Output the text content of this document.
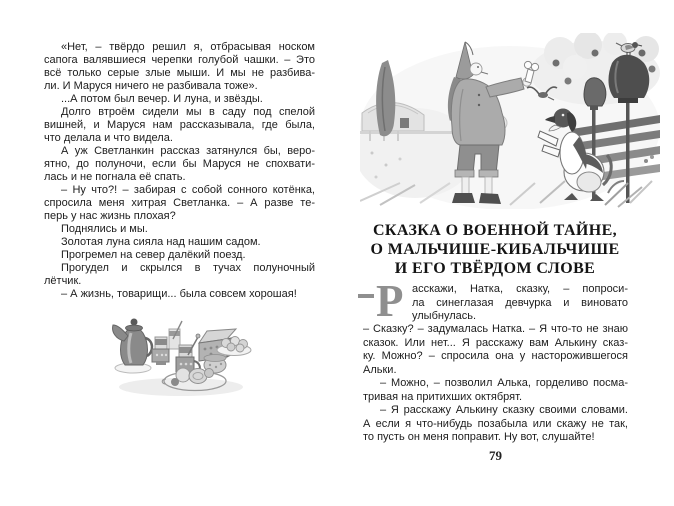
«Нет, – твёрдо решил я, отбрасывая носком
сапога валявшиеся черепки голубой чашки. – Это
всё только серые злые мыши. И мы не разбива-
ли. И Маруся ничего не разбивала тоже».
...А потом был вечер. И луна, и звёзды.
Долго втроём сидели мы в саду под спелой
вишней, и Маруся нам рассказывала, где была,
что делала и что видела.
А уж Светланкин рассказ затянулся бы, веро-
ятно, до полуночи, если бы Маруся не спохвати-
лась и не погнала её спать.
– Ну что?! – забирая с собой сонного котёнка,
спросила меня хитрая Светланка. – А разве те-
перь у нас жизнь плохая?
Поднялись и мы.
Золотая луна сияла над нашим садом.
Прогремел на север далёкий поезд.
Прогудел и скрылся в тучах полуночный
лётчик.
– А жизнь, товарищи... была совсем хорошая!
СКАЗКА О ВОЕННОЙ ТАЙНЕ,
О МАЛЬЧИШЕ-КИБАЛЬЧИШЕ
И ЕГО ТВЁРДОМ СЛОВЕ
Р асскажи, Натка, сказку, – попроси-
ла синеглазая девчурка и виновато
улыбнулась.
– Сказку? – задумалась Натка. – Я что-то не знаю
сказок. Или нет... Я расскажу вам Алькину сказ-
ку. Можно? – спросила она у насторожившегося
Альки.
– Можно, – позволил Алька, горделиво посма-
тривая на притихших октябрят.
– Я расскажу Алькину сказку своими словами.
А если я что-нибудь позабыла или скажу не так,
то пусть он меня поправит. Ну вот, слушайте!
79
